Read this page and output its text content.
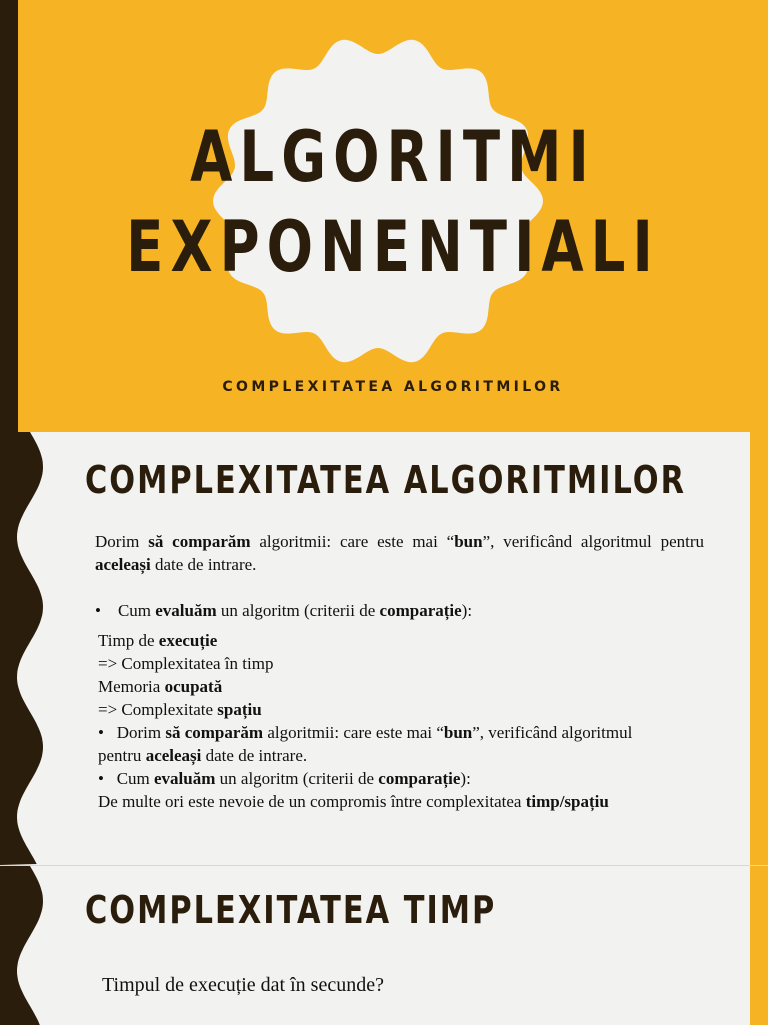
ALGORITMI
EXPONENTIALI

COMPLEXITATEA ALGORITMILOR

COMPLEXITATEA ALGORITMILOR
Dorim să comparăm algoritmii: care este mai “bun”, verificând algoritmul pentru aceleași date de intrare.
•    Cum evaluăm un algoritm (criterii de comparație):
Timp de execuție
=> Complexitatea în timp
Memoria ocupată
=> Complexitate spațiu
•   Dorim să comparăm algoritmii: care este mai “bun”, verificând algoritmul
pentru aceleași date de intrare.
•   Cum evaluăm un algoritm (criterii de comparație):
De multe ori este nevoie de un compromis între complexitatea timp/spațiu
COMPLEXITATEA TIMP

Timpul de execuție dat în secunde?
